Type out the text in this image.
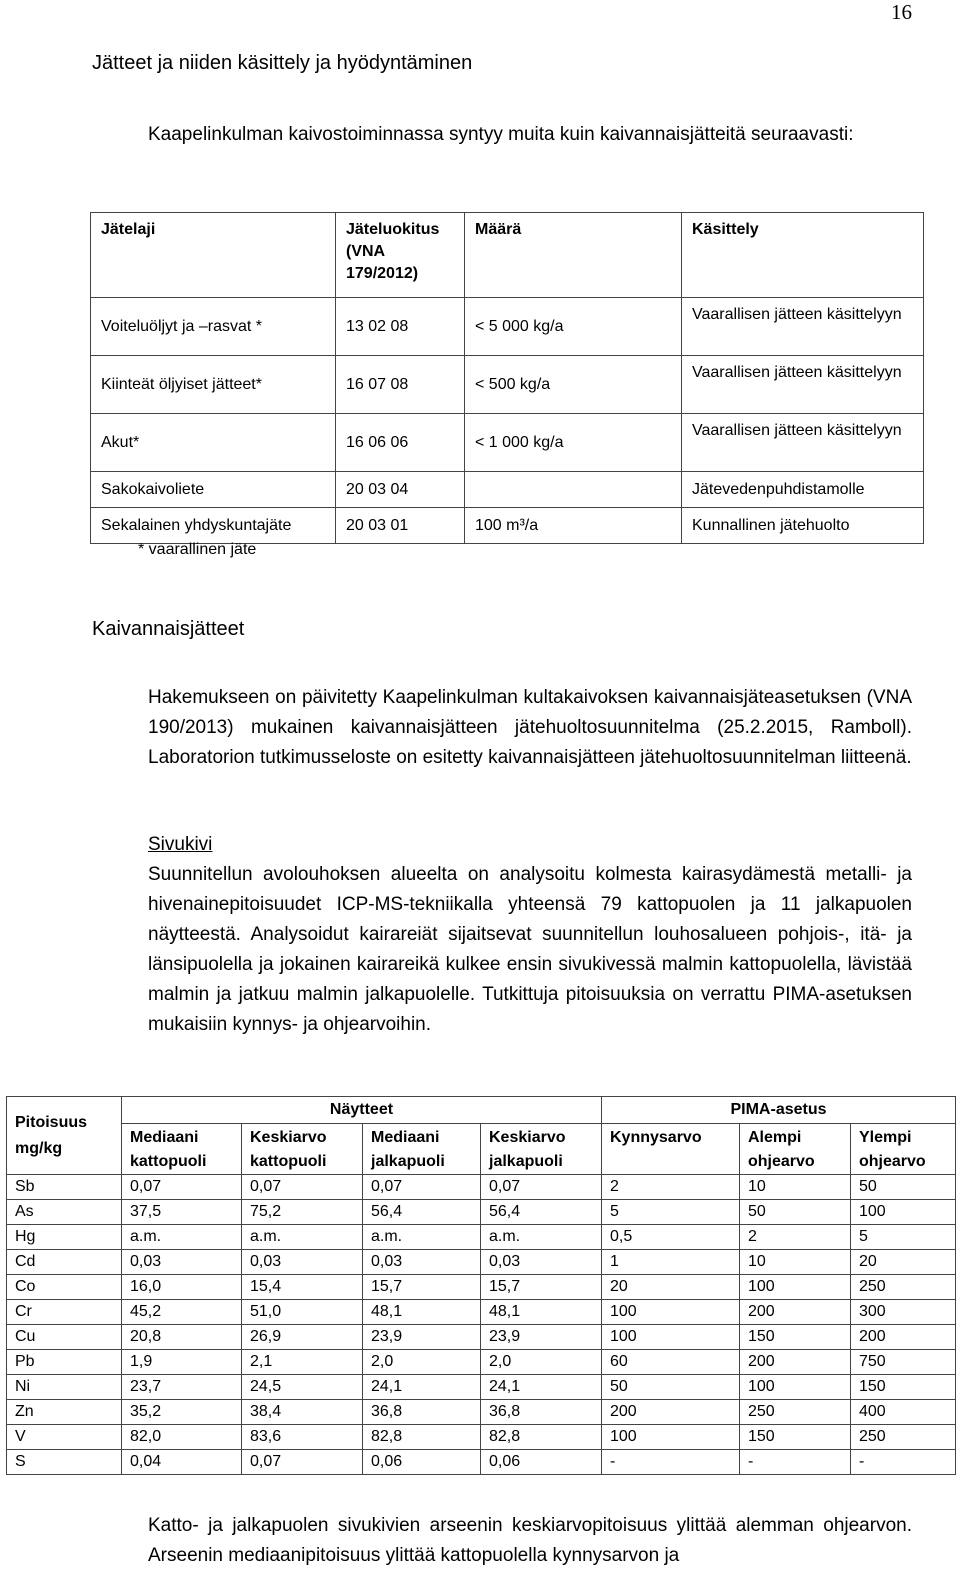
16
Jätteet ja niiden käsittely ja hyödyntäminen
Kaapelinkulman kaivostoiminnassa syntyy muita kuin kaivannaisjätteitä seuraavasti:
Jätelaji	Jäteluokitus (VNA 179/2012)	Määrä	Käsittely
Voiteluöljyt ja –rasvat *	13 02 08	< 5 000 kg/a	Vaarallisen jätteen käsittelyyn
Kiinteät öljyiset jätteet*	16 07 08	< 500 kg/a	Vaarallisen jätteen käsittelyyn
Akut*	16 06 06	< 1 000 kg/a	Vaarallisen jätteen käsittelyyn
Sakokaivoliete	20 03 04		Jätevedenpuhdistamolle
Sekalainen yhdyskuntajäte	20 03 01	100 m³/a	Kunnallinen jätehuolto

* vaarallinen jäte
Kaivannaisjätteet
Hakemukseen on päivitetty Kaapelinkulman kultakaivoksen kaivannaisjäteasetuksen (VNA 190/2013) mukainen kaivannaisjätteen jätehuoltosuunnitelma (25.2.2015, Ramboll). Laboratorion tutkimusseloste on esitetty kaivannaisjätteen jätehuoltosuunnitelman liitteenä.
Sivukivi
Suunnitellun avolouhoksen alueelta on analysoitu kolmesta kairasydämestä metalli- ja hivenainepitoisuudet ICP-MS-tekniikalla yhteensä 79 kattopuolen ja 11 jalkapuolen näytteestä. Analysoidut kairareiät sijaitsevat suunnitellun louhosalueen pohjois-, itä- ja länsipuolella ja jokainen kairareikä kulkee ensin sivukivessä malmin kattopuolella, lävistää malmin ja jatkuu malmin jalkapuolelle. Tutkittuja pitoisuuksia on verrattu PIMA-asetuksen mukaisiin kynnys- ja ohjearvoihin.
Pitoisuus mg/kg	Näytteet				PIMA-asetus		
	Mediaani kattopuoli	Keskiarvo kattopuoli	Mediaani jalkapuoli	Keskiarvo jalkapuoli	Kynnysarvo	Alempi ohjearvo	Ylempi ohjearvo
Sb	0,07	0,07	0,07	0,07	2	10	50
As	37,5	75,2	56,4	56,4	5	50	100
Hg	a.m.	a.m.	a.m.	a.m.	0,5	2	5
Cd	0,03	0,03	0,03	0,03	1	10	20
Co	16,0	15,4	15,7	15,7	20	100	250
Cr	45,2	51,0	48,1	48,1	100	200	300
Cu	20,8	26,9	23,9	23,9	100	150	200
Pb	1,9	2,1	2,0	2,0	60	200	750
Ni	23,7	24,5	24,1	24,1	50	100	150
Zn	35,2	38,4	36,8	36,8	200	250	400
V	82,0	83,6	82,8	82,8	100	150	250
S	0,04	0,07	0,06	0,06	-	-	-
Katto- ja jalkapuolen sivukivien arseenin keskiarvopitoisuus ylittää alemman ohjearvon. Arseenin mediaanipitoisuus ylittää kattopuolella kynnysarvon ja
